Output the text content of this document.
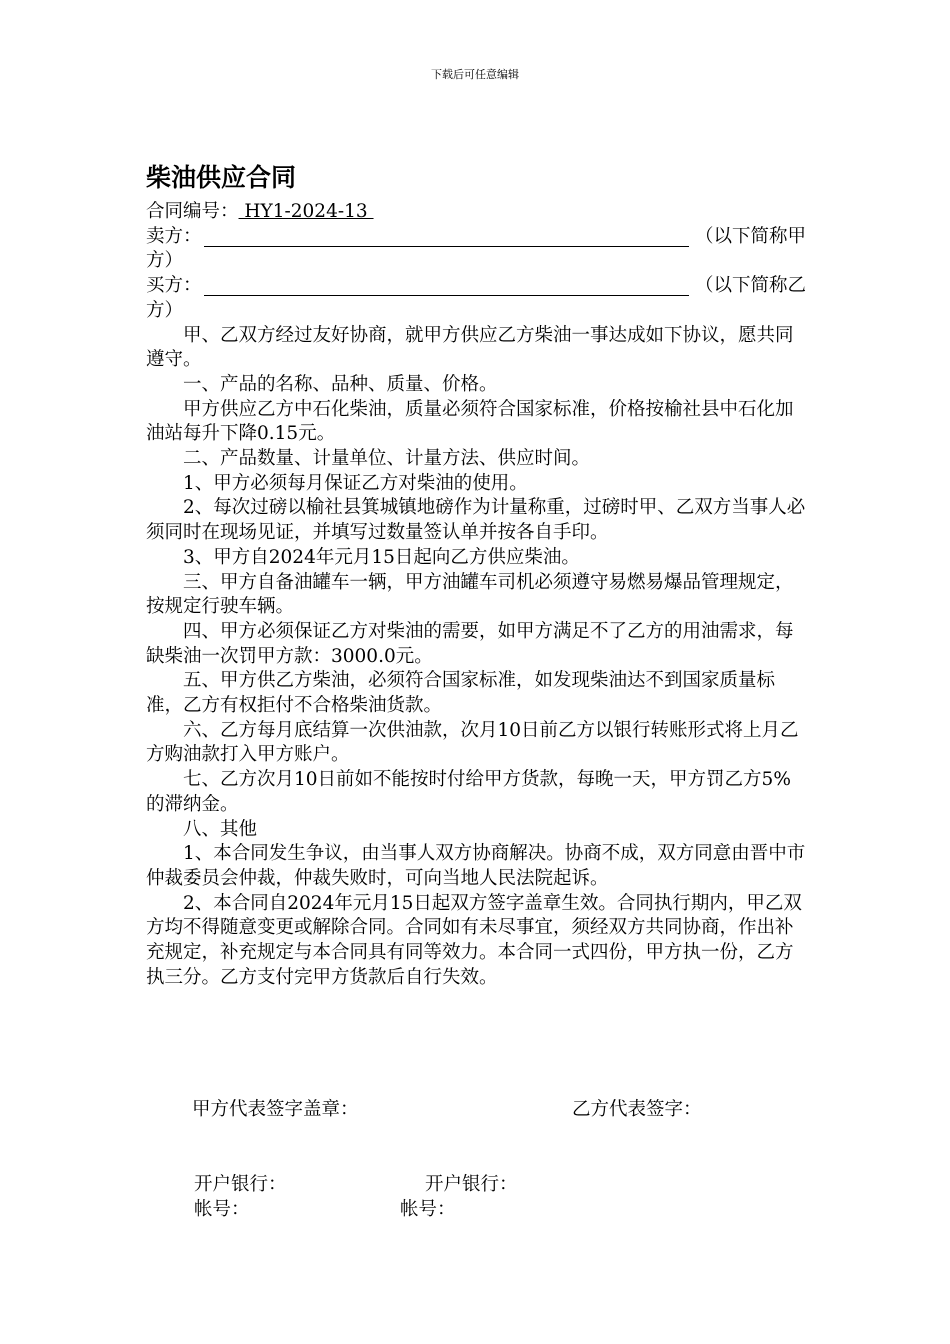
下载后可任意编辑
柴油供应合同

合同编号： HY1-2024-13

卖方：	（以下简称甲

方）

买方：	（以下简称乙

方）

甲、乙双方经过友好协商，就甲方供应乙方柴油一事达成如下协议，愿共同遵守。

一、产品的名称、品种、质量、价格。

甲方供应乙方中石化柴油，质量必须符合国家标准，价格按榆社县中石化加油站每升下降0.15元。

二、产品数量、计量单位、计量方法、供应时间。

1、甲方必须每月保证乙方对柴油的使用。

2、每次过磅以榆社县箕城镇地磅作为计量称重，过磅时甲、乙双方当事人必须同时在现场见证，并填写过数量签认单并按各自手印。

3、甲方自2024年元月15日起向乙方供应柴油。

三、甲方自备油罐车一辆，甲方油罐车司机必须遵守易燃易爆品管理规定，按规定行驶车辆。

四、甲方必须保证乙方对柴油的需要，如甲方满足不了乙方的用油需求，每缺柴油一次罚甲方款：3000.0元。

五、甲方供乙方柴油，必须符合国家标准，如发现柴油达不到国家质量标准，乙方有权拒付不合格柴油货款。

六、乙方每月底结算一次供油款，次月10日前乙方以银行转账形式将上月乙方购油款打入甲方账户。

七、乙方次月10日前如不能按时付给甲方货款，每晚一天，甲方罚乙方5%的滞纳金。

八、其他

1、本合同发生争议，由当事人双方协商解决。协商不成，双方同意由晋中市仲裁委员会仲裁，仲裁失败时，可向当地人民法院起诉。

2、本合同自2024年元月15日起双方签字盖章生效。合同执行期内，甲乙双方均不得随意变更或解除合同。合同如有未尽事宜，须经双方共同协商，作出补充规定，补充规定与本合同具有同等效力。本合同一式四份，甲方执一份，乙方执三分。乙方支付完甲方货款后自行失效。

甲方代表签字盖章：	乙方代表签字：
开户银行：	开户银行：
帐号：	帐号：
